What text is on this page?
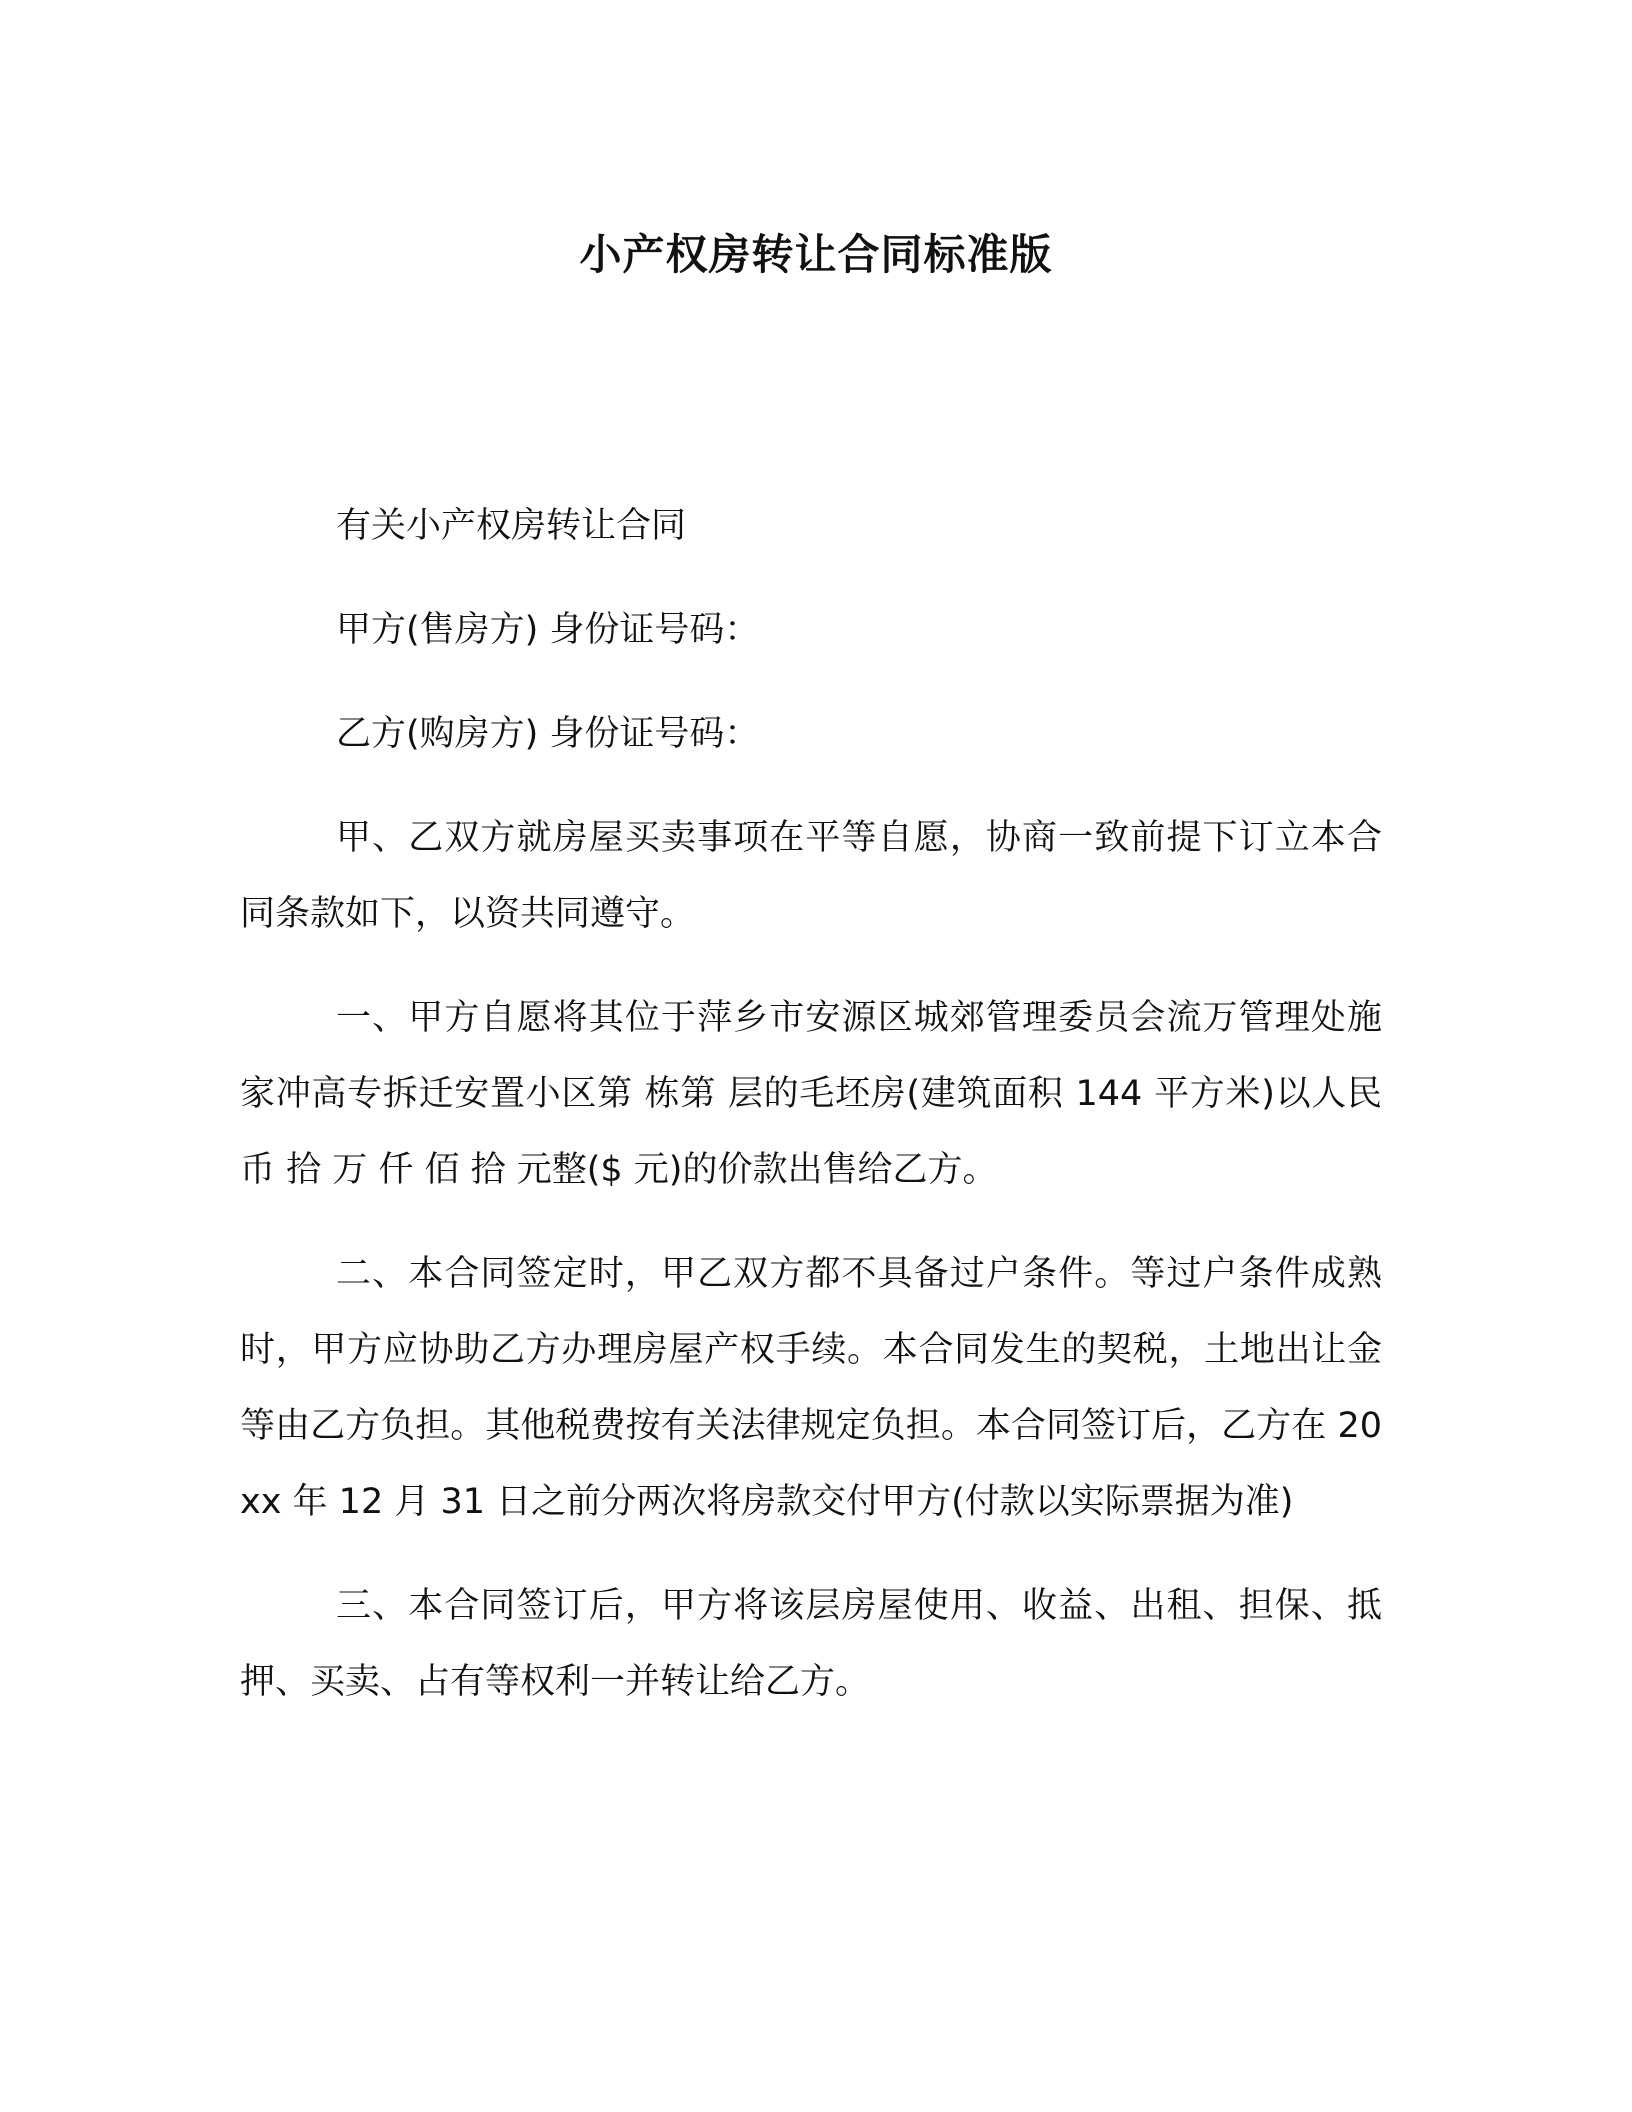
小产权房转让合同标准版

有关小产权房转让合同

甲方(售房方) 身份证号码：

乙方(购房方) 身份证号码：

甲、乙双方就房屋买卖事项在平等自愿，协商一致前提下订立本合同条款如下，以资共同遵守。

一、甲方自愿将其位于萍乡市安源区城郊管理委员会流万管理处施家冲高专拆迁安置小区第 栋第 层的毛坯房(建筑面积 144 平方米)以人民币 拾 万 仟 佰 拾 元整($ 元)的价款出售给乙方。

二、本合同签定时，甲乙双方都不具备过户条件。等过户条件成熟时，甲方应协助乙方办理房屋产权手续。本合同发生的契税，土地出让金等由乙方负担。其他税费按有关法律规定负担。本合同签订后，乙方在 20xx 年 12 月 31 日之前分两次将房款交付甲方(付款以实际票据为准)

三、本合同签订后，甲方将该层房屋使用、收益、出租、担保、抵押、买卖、占有等权利一并转让给乙方。
